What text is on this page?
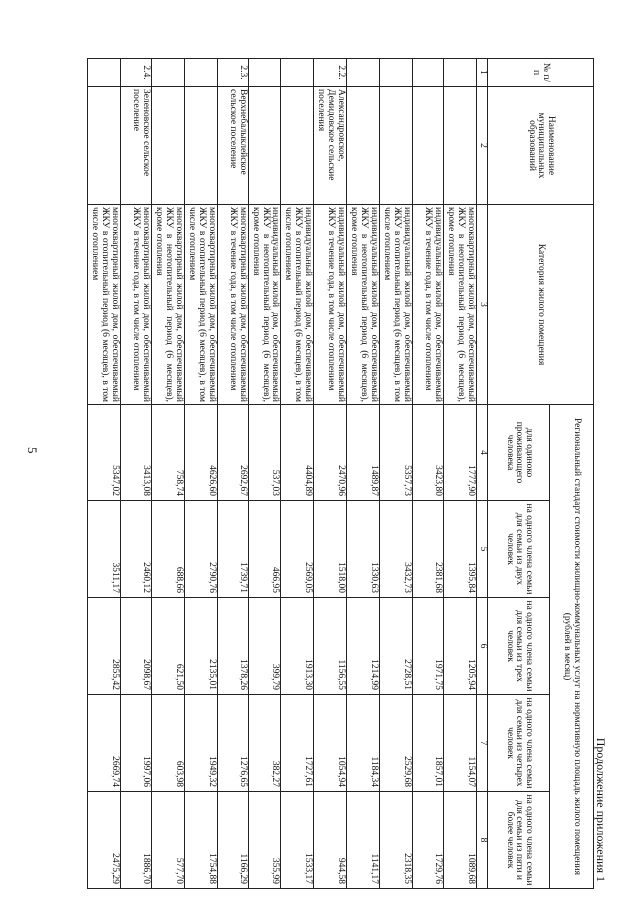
5
Продолжение приложения 1
№ п/п	Наименование муниципальных образований	Категория жилого помещения	Региональный стандарт стоимости жилищно-коммунальных услуг на нормативную площадь жилого помещения (рублей в месяц)				
			для одиноко проживающего человека	на одного члена семьи для семьи из двух человек	на одного члена семьи для семьи из трех человек	на одного члена семьи для семьи из четырех человек	на одного члена семьи для семьи из пяти и более человек
1	2	3	4	5	6	7	8
		многоквартирный жилой дом, обеспечиваемый ЖКУ в неотопительный период (6 месяцев), кроме отопления	1777,90	1395,84	1205,94	1154,07	1089,68
		индивидуальный жилой дом, обеспечиваемый ЖКУ в течение года, в том числе отоплением	3423,80	2381,68	1971,75	1857,01	1729,76
		индивидуальный жилой дом, обеспечиваемый ЖКУ в отопительный период (6 месяцев), в том числе отоплением	5357,73	3432,73	2728,51	2529,68	2318,35
		индивидуальный жилой дом, обеспечиваемый ЖКУ в неотопительный период (6 месяцев), кроме отопления	1489,87	1330,63	1214,99	1184,34	1141,17
2.2.	Александровское, Демидовское сельские поселения	индивидуальный жилой дом, обеспечиваемый ЖКУ в течение года, в том числе отоплением	2470,96	1518,00	1156,55	1054,94	944,58
		индивидуальный жилой дом, обеспечиваемый ЖКУ в отопительный период (6 месяцев), в том числе отоплением	4404,89	2569,05	1913,30	1727,61	1533,17
		индивидуальный жилой дом, обеспечиваемый ЖКУ в неотопительный период (6 месяцев), кроме отопления	537,03	466,95	399,79	382,27	355,99
2.3.	Верхнебалыклейское сельское поселение	многоквартирный жилой дом, обеспечиваемый ЖКУ в течение года, в том числе отоплением	2692,67	1739,71	1378,26	1276,65	1166,29
		многоквартирный жилой дом, обеспечиваемый ЖКУ в отопительный период (6 месяцев), в том числе отоплением	4626,60	2790,76	2135,01	1949,32	1754,88
		многоквартирный жилой дом, обеспечиваемый ЖКУ в неотопительный период (6 месяцев), кроме отопления	758,74	688,66	621,50	603,98	577,70
2.4.	Зеленовское сельское поселение	многоквартирный жилой дом, обеспечиваемый ЖКУ в течение года, в том числе отоплением	3413,08	2460,12	2098,67	1997,06	1886,70
		многоквартирный жилой дом, обеспечиваемый ЖКУ в отопительный период (6 месяцев), в том числе отоплением	5347,02	3511,17	2855,42	2669,74	2475,29
